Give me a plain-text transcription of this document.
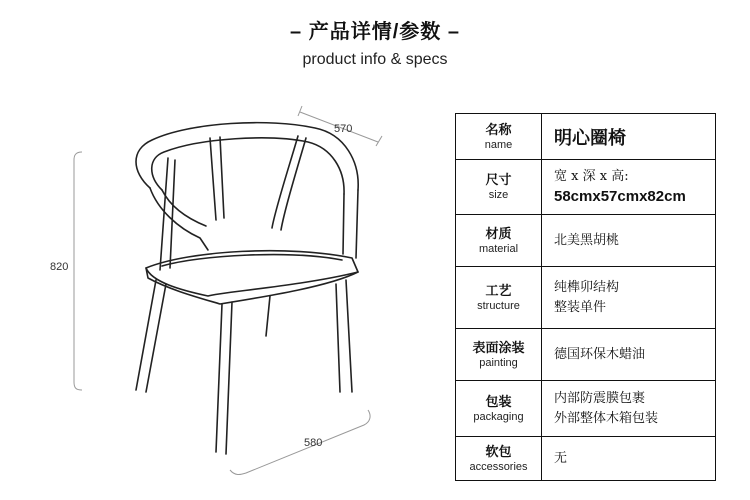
– 产品详情/参数 –
product info & specs
820
570
580
名称
name	明心圈椅

尺寸
size	宽 x 深 x 高:
58cmx57cmx82cm

材质
material	北美黑胡桃

工艺
structure	纯榫卯结构
整装单件

表面涂装
painting	德国环保木蜡油

包装
packaging	内部防震膜包裹
外部整体木箱包装

软包
accessories	无
